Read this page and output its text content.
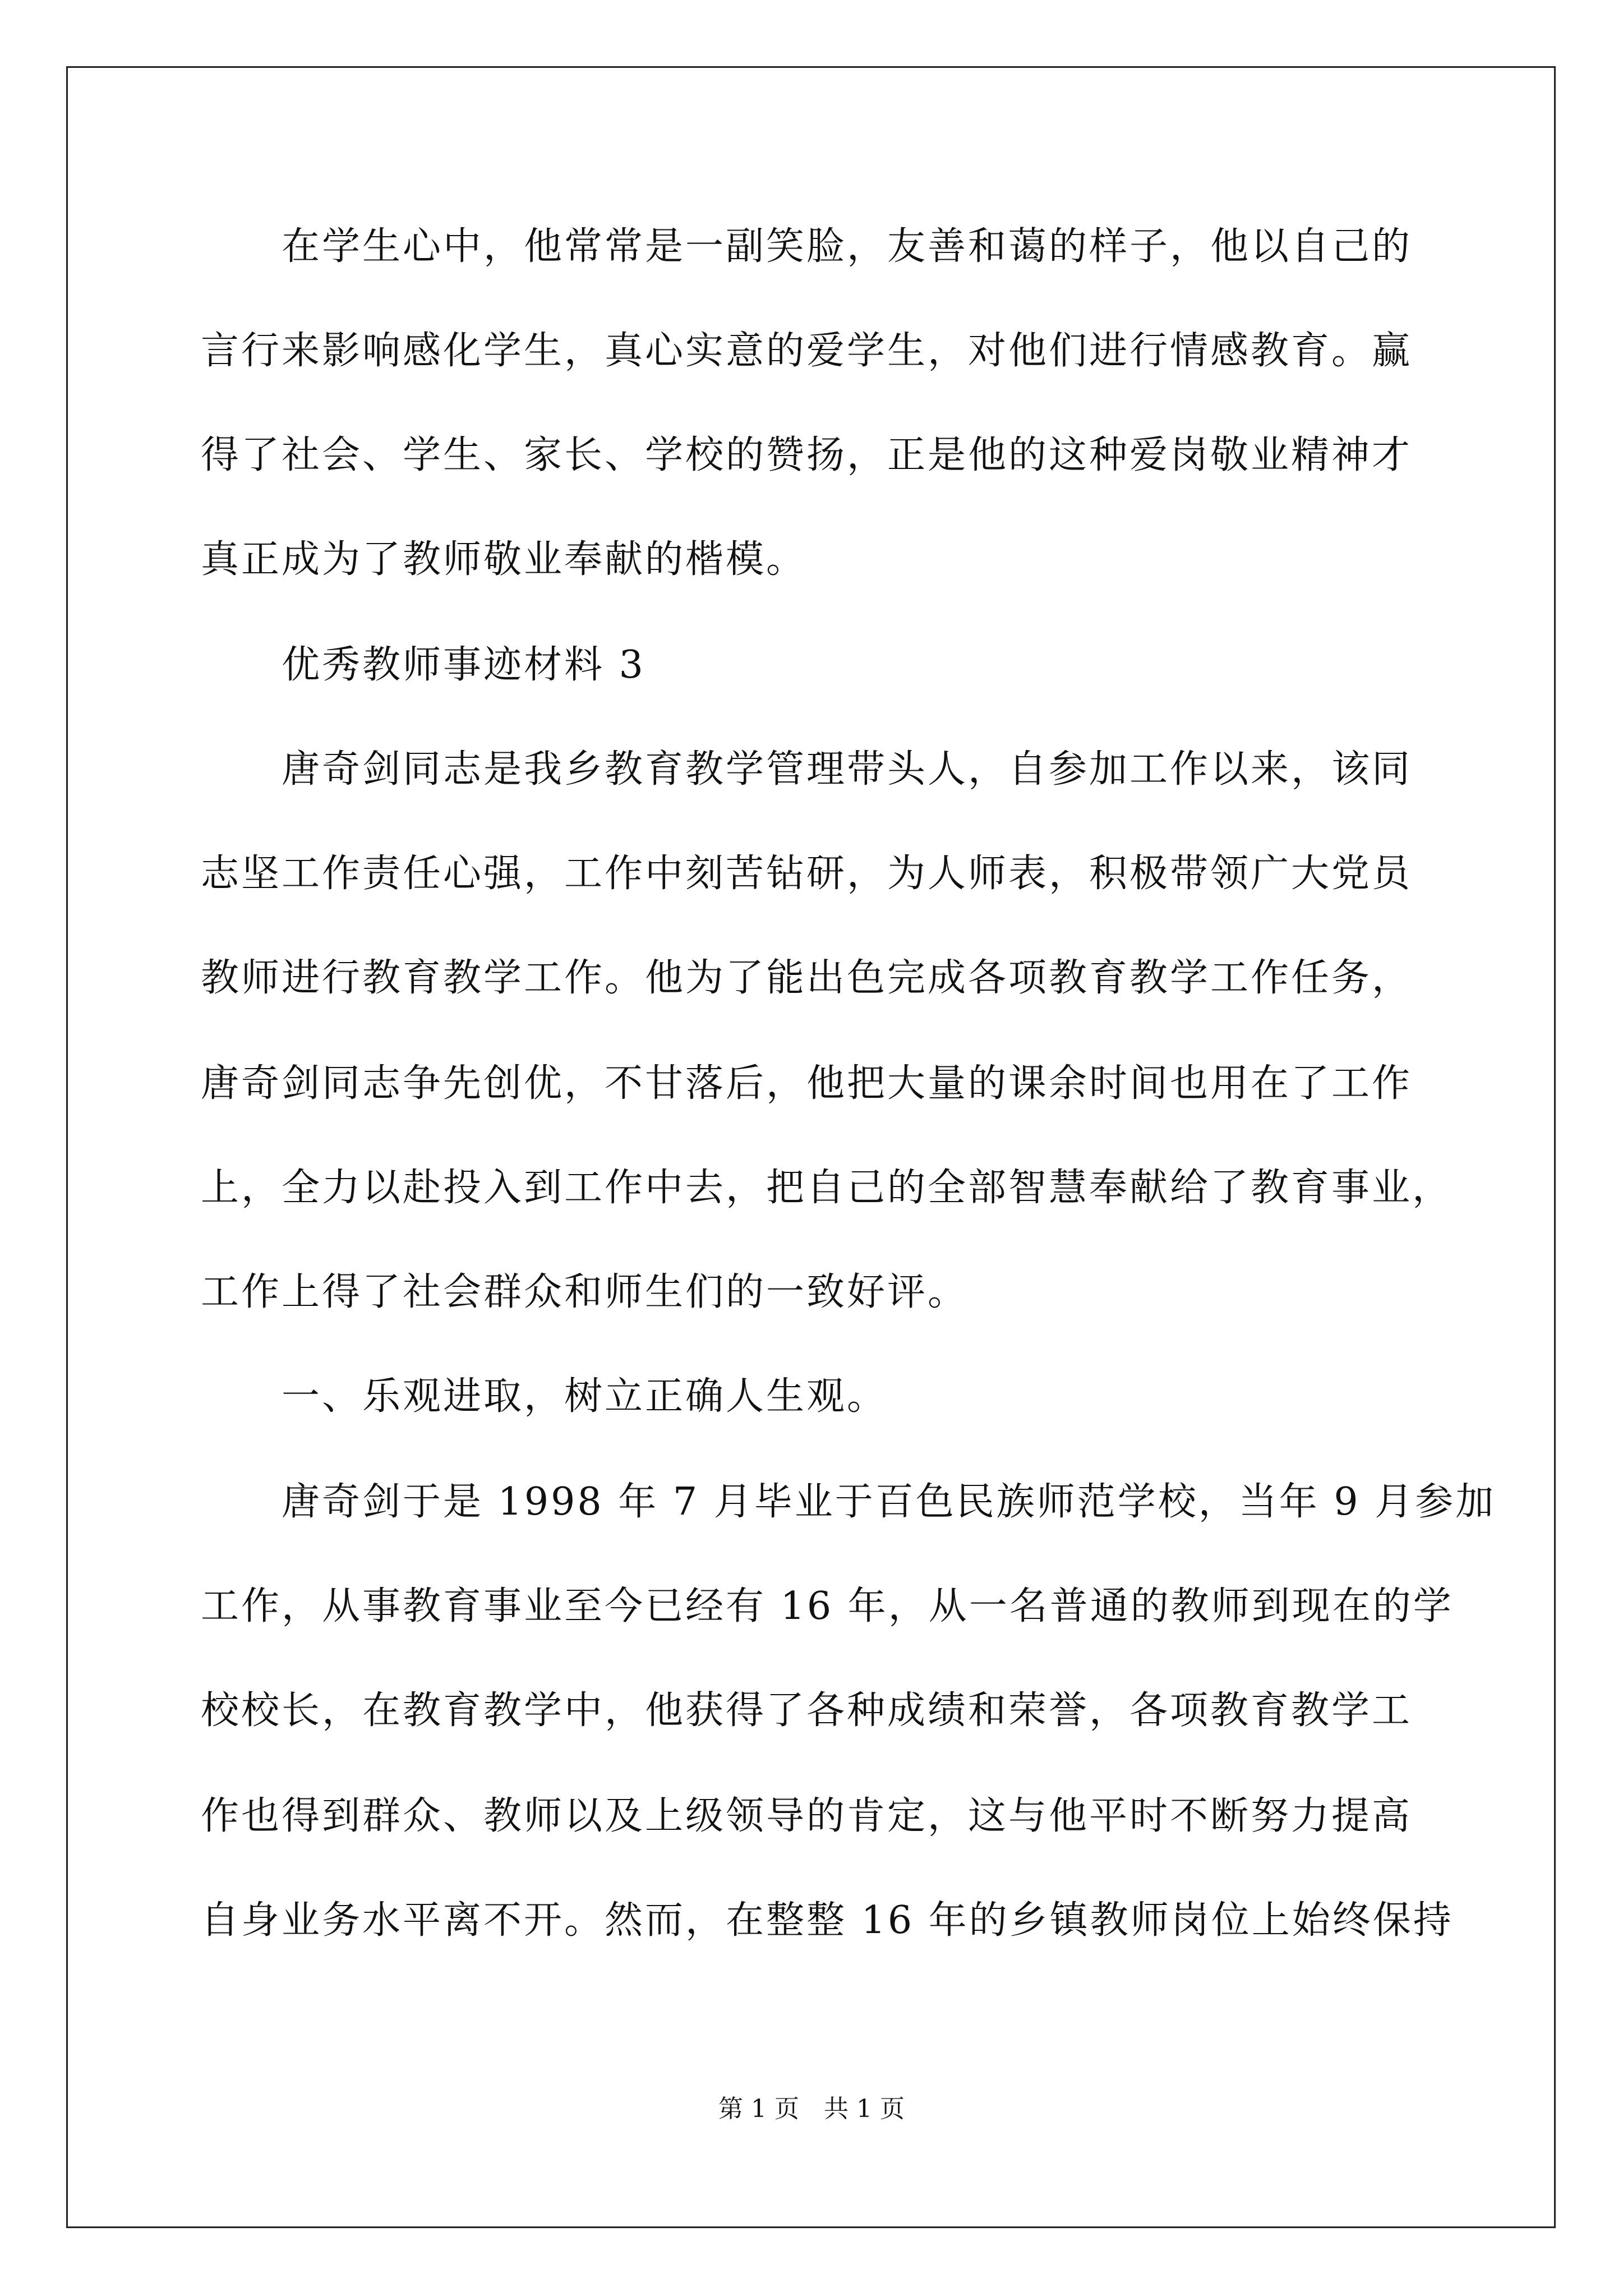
在学生心中，他常常是一副笑脸，友善和蔼的样子，他以自己的
言行来影响感化学生，真心实意的爱学生，对他们进行情感教育。赢
得了社会、学生、家长、学校的赞扬，正是他的这种爱岗敬业精神才
真正成为了教师敬业奉献的楷模。
优秀教师事迹材料 3
唐奇剑同志是我乡教育教学管理带头人，自参加工作以来，该同
志坚工作责任心强，工作中刻苦钻研，为人师表，积极带领广大党员
教师进行教育教学工作。他为了能出色完成各项教育教学工作任务，
唐奇剑同志争先创优，不甘落后，他把大量的课余时间也用在了工作
上，全力以赴投入到工作中去，把自己的全部智慧奉献给了教育事业，
工作上得了社会群众和师生们的一致好评。
一、乐观进取，树立正确人生观。
唐奇剑于是 1998 年 7 月毕业于百色民族师范学校，当年 9 月参加
工作，从事教育事业至今已经有 16 年，从一名普通的教师到现在的学
校校长，在教育教学中，他获得了各种成绩和荣誉，各项教育教学工
作也得到群众、教师以及上级领导的肯定，这与他平时不断努力提高
自身业务水平离不开。然而，在整整 16 年的乡镇教师岗位上始终保持
第 1 页　共 1 页
